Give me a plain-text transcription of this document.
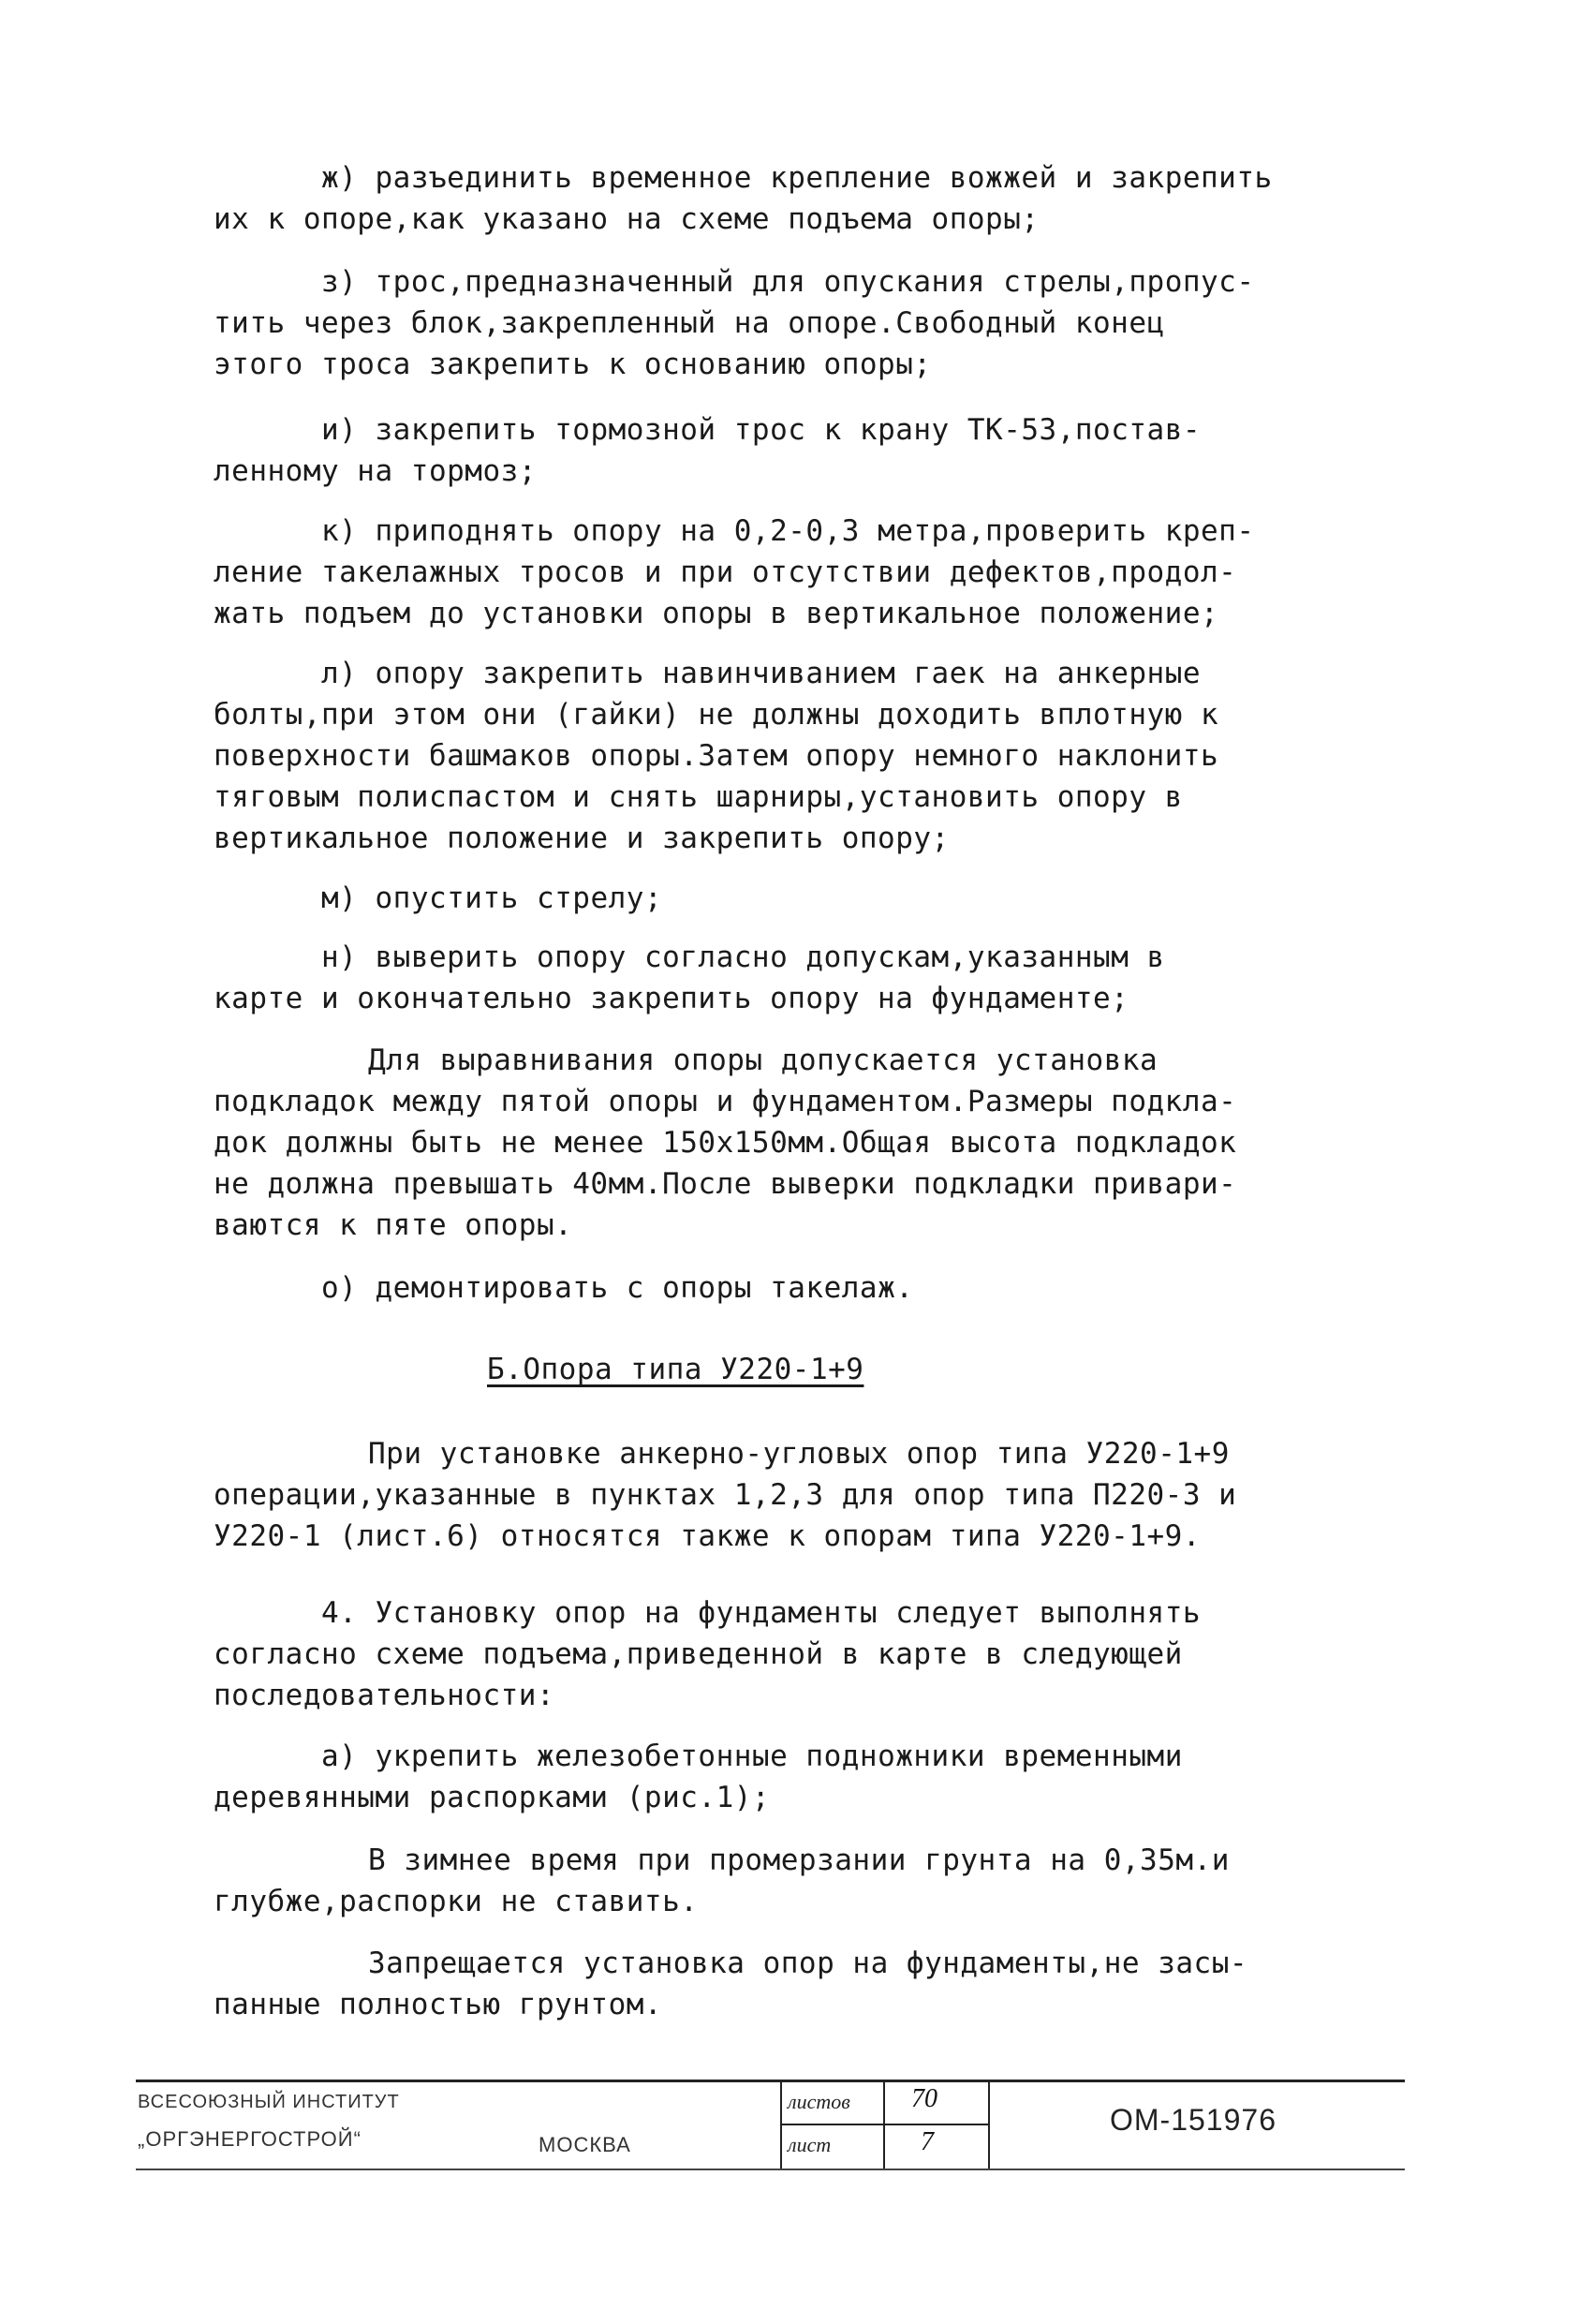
ж) разъединить временное крепление вожжей и закрепить
их к опоре,как указано на схеме подъема опоры;

з) трос,предназначенный для опускания стрелы,пропус-
тить через блок,закрепленный на опоре.Свободный конец
этого троса закрепить к основанию опоры;

и) закрепить тормозной трос к крану ТК-53,постав-
ленному на тормоз;

к) приподнять опору на 0,2-0,3 метра,проверить креп-
ление такелажных тросов и при отсутствии дефектов,продол-
жать подъем до установки опоры в вертикальное положение;

л) опору закрепить навинчиванием гаек на анкерные
болты,при этом они (гайки) не должны доходить вплотную к
поверхности башмаков опоры.Затем опору немного наклонить
тяговым полиспастом и снять шарниры,установить опору в
вертикальное положение и закрепить опору;

м) опустить стрелу;

н) выверить опору согласно допускам,указанным в
карте и окончательно закрепить опору на фундаменте;

Для выравнивания опоры допускается установка
подкладок между пятой опоры и фундаментом.Размеры подкла-
док должны быть не менее 150х150мм.Общая высота подкладок
не должна превышать 40мм.После выверки подкладки привари-
ваются к пяте опоры.

о) демонтировать с опоры такелаж.

Б.Опора типа У220-1+9

При установке анкерно-угловых опор типа У220-1+9
операции,указанные в пунктах 1,2,3 для опор типа П220-3 и
У220-1 (лист.6) относятся также к опорам типа У220-1+9.

4. Установку опор на фундаменты следует выполнять
согласно схеме подъема,приведенной в карте в следующей
последовательности:

а) укрепить железобетонные подножники временными
деревянными распорками (рис.1);

В зимнее время при промерзании грунта на 0,35м.и
глубже,распорки не ставить.

Запрещается установка опор на фундаменты,не засы-
панные полностью грунтом.

ВСЕСОЮЗНЫЙ ИНСТИТУТ
„ОРГЭНЕРГОСТРОЙ“	МОСКВА
листов 70
лист	7
ОМ-151976
